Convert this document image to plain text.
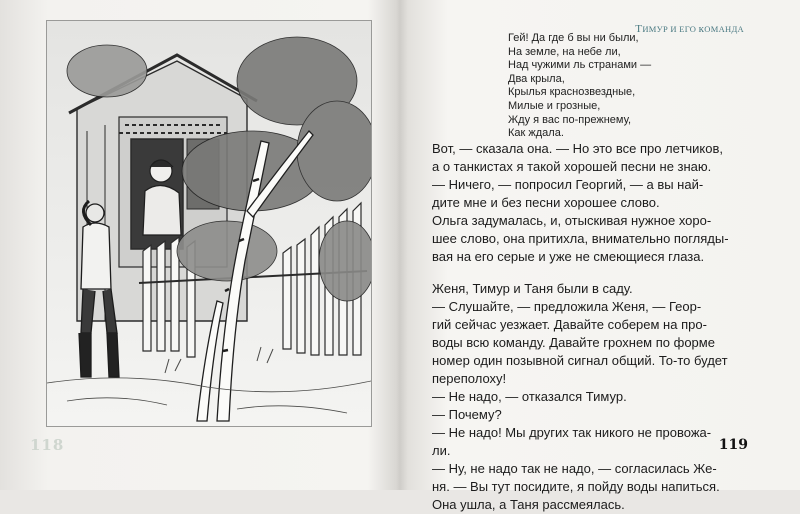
118
ТИМУР И ЕГО кОМАНДА
Гей! Да где б вы ни были,
На земле, на небе ли,
Над чужими ль странами —
Два крыла,
Крылья краснозвездные,
Милые и грозные,
Жду я вас по-прежнему,
Как ждала.
Вот, — сказала она. — Но это все про летчиков,
а о танкистах я такой хорошей песни не знаю.
— Ничего, — попросил Георгий, — а вы най-
дите мне и без песни хорошее слово.
Ольга задумалась, и, отыскивая нужное хоро-
шее слово, она притихла, внимательно погляды-
вая на его серые и уже не смеющиеся глаза.
Женя, Тимур и Таня были в саду.
— Слушайте, — предложила Женя, — Геор-
гий сейчас уезжает. Давайте соберем на про-
воды всю команду. Давайте грохнем по форме
номер один позывной сигнал общий. То-то будет
переполоху!
— Не надо, — отказался Тимур.
— Почему?
— Не надо! Мы других так никого не провожа-
ли.
— Ну, не надо так не надо, — согласилась Же-
ня. — Вы тут посидите, я пойду воды напиться.
Она ушла, а Таня рассмеялась.
119
